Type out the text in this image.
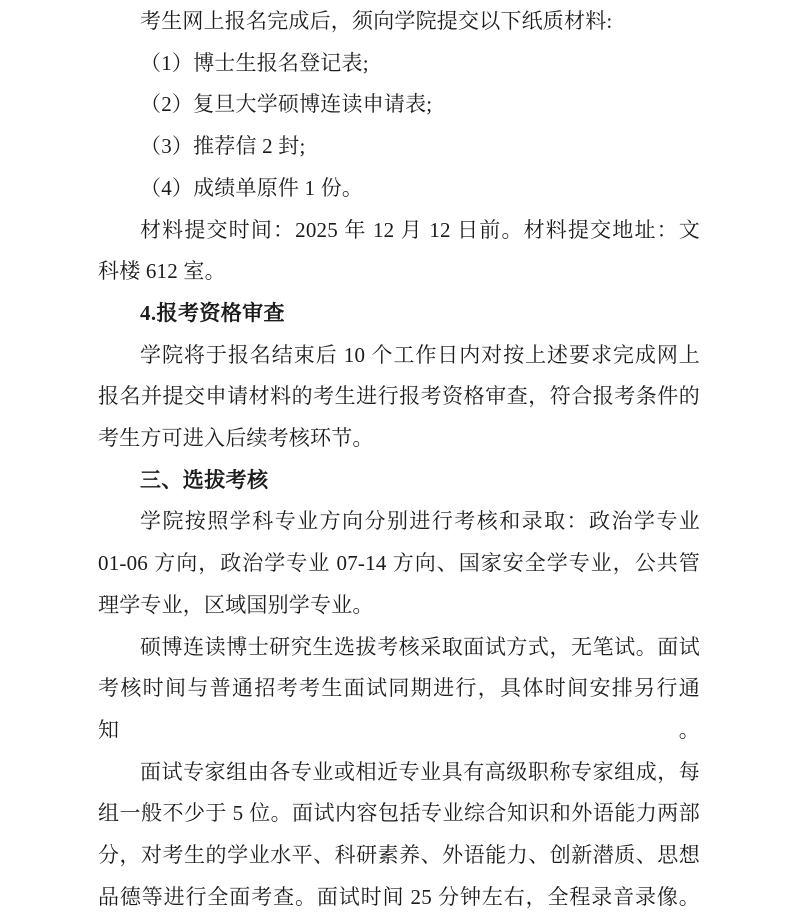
考生网上报名完成后，须向学院提交以下纸质材料:

（1）博士生报名登记表;

（2）复旦大学硕博连读申请表;

（3）推荐信 2 封;

（4）成绩单原件 1 份。

材料提交时间：2025 年 12 月 12 日前。材料提交地址：文

科楼 612 室。

4.报考资格审查

学院将于报名结束后 10 个工作日内对按上述要求完成网上

报名并提交申请材料的考生进行报考资格审查，符合报考条件的

考生方可进入后续考核环节。

三、选拔考核

学院按照学科专业方向分别进行考核和录取：政治学专业

01-06 方向，政治学专业 07-14 方向、国家安全学专业，公共管

理学专业，区域国别学专业。

硕博连读博士研究生选拔考核采取面试方式，无笔试。面试

考核时间与普通招考考生面试同期进行，具体时间安排另行通知。

面试专家组由各专业或相近专业具有高级职称专家组成，每

组一般不少于 5 位。面试内容包括专业综合知识和外语能力两部

分，对考生的学业水平、科研素养、外语能力、创新潜质、思想

品德等进行全面考查。面试时间 25 分钟左右，全程录音录像。
